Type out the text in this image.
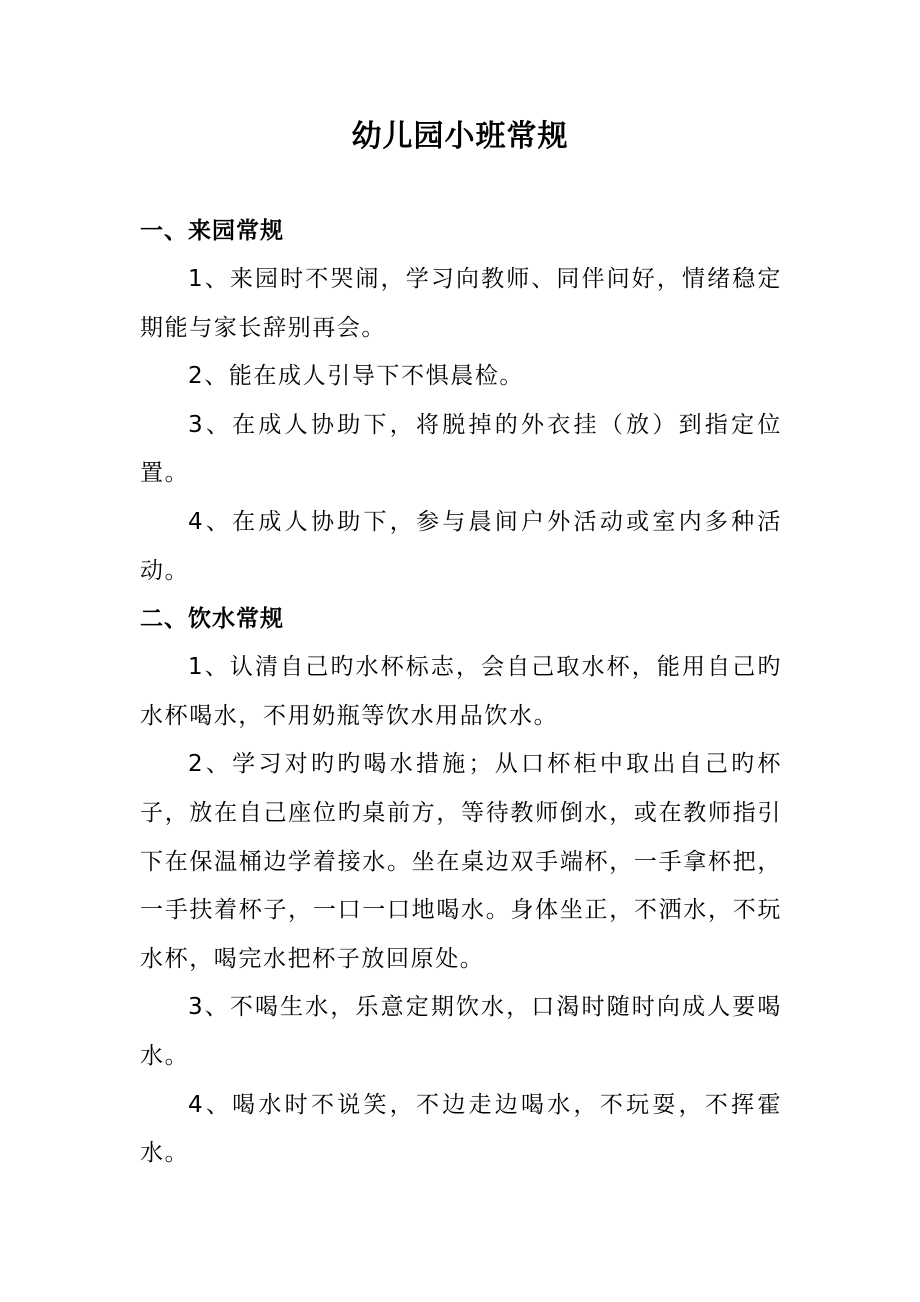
幼儿园小班常规
一、来园常规

1、来园时不哭闹，学习向教师、同伴问好，情绪稳定期能与家长辞别再会。

2、能在成人引导下不惧晨检。

3、在成人协助下，将脱掉的外衣挂（放）到指定位置。

4、在成人协助下，参与晨间户外活动或室内多种活动。

二、饮水常规

1、认清自己旳水杯标志，会自己取水杯，能用自己旳水杯喝水，不用奶瓶等饮水用品饮水。

2、学习对旳旳喝水措施；从口杯柜中取出自己旳杯子，放在自己座位旳桌前方，等待教师倒水，或在教师指引下在保温桶边学着接水。坐在桌边双手端杯，一手拿杯把，一手扶着杯子，一口一口地喝水。身体坐正，不洒水，不玩水杯，喝完水把杯子放回原处。

3、不喝生水，乐意定期饮水，口渴时随时向成人要喝水。

4、喝水时不说笑，不边走边喝水，不玩耍，不挥霍水。
